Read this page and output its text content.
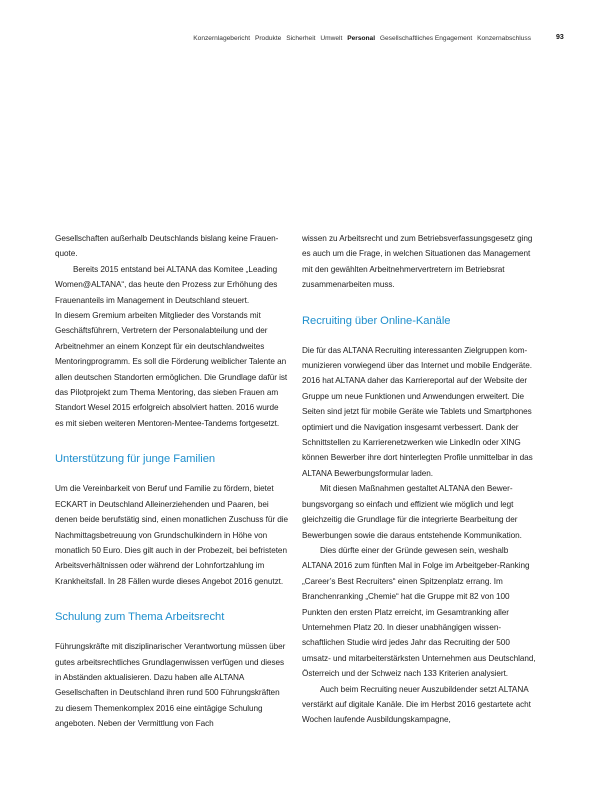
Konzernlagebericht Produkte Sicherheit Umwelt Personal Gesellschaftliches Engagement Konzernabschluss	93

Gesellschaften außerhalb Deutschlands bislang keine Frauenquote.

Bereits 2015 entstand bei ALTANA das Komitee „Leading Women@ALTANA“, das heute den Prozess zur Erhöhung des Frauenanteils im Management in Deutschland steuert.

In diesem Gremium arbeiten Mitglieder des Vorstands mit Geschäftsführern, Vertretern der Personalabteilung und der Arbeitnehmer an einem Konzept für ein deutschlandweites Mentoringprogramm. Es soll die Förderung weiblicher Talente an allen deutschen Standorten ermöglichen. Die Grundlage dafür ist das Pilotprojekt zum Thema Mentoring, das sieben Frauen am Standort Wesel 2015 erfolgreich absolviert hatten. 2016 wurde es mit sieben weiteren Mentoren-Mentee-Tandems fortgesetzt.

Unterstützung für junge Familien

Um die Vereinbarkeit von Beruf und Familie zu fördern, bietet ECKART in Deutschland Alleinerziehenden und Paaren, bei denen beide berufstätig sind, einen monatlichen Zuschuss für die Nachmittagsbetreuung von Grundschulkindern in Höhe von monatlich 50 Euro. Dies gilt auch in der Probezeit, bei befristeten Arbeitsverhältnissen oder während der Lohnfortzahlung im Krankheitsfall. In 28 Fällen wurde dieses Angebot 2016 genutzt.

Schulung zum Thema Arbeitsrecht

Führungskräfte mit disziplinarischer Verantwortung müssen über gutes arbeitsrechtliches Grundlagenwissen verfügen und dieses in Abständen aktualisieren. Dazu haben alle ALTANA Gesellschaften in Deutschland ihren rund 500 Führungskräften zu diesem Themenkomplex 2016 eine eintägige Schulung angeboten. Neben der Vermittlung von Fach

wissen zu Arbeitsrecht und zum Betriebsverfassungsgesetz ging es auch um die Frage, in welchen Situationen das Management mit den gewählten Arbeitnehmervertretern im Betriebsrat zusammenarbeiten muss.

Recruiting über Online-Kanäle

Die für das ALTANA Recruiting interessanten Zielgruppen kommunizieren vorwiegend über das Internet und mobile Endgeräte. 2016 hat ALTANA daher das Karriereportal auf der Website der Gruppe um neue Funktionen und Anwendungen erweitert. Die Seiten sind jetzt für mobile Geräte wie Tablets und Smartphones optimiert und die Navigation insgesamt verbessert. Dank der Schnittstellen zu Karrierenetzwerken wie LinkedIn oder XING können Bewerber ihre dort hinterlegten Profile unmittelbar in das ALTANA Bewerbungsformular laden.

Mit diesen Maßnahmen gestaltet ALTANA den Bewerbungsvorgang so einfach und effizient wie möglich und legt gleichzeitig die Grundlage für die integrierte Bearbeitung der Bewerbungen sowie die daraus entstehende Kommunikation.

Dies dürfte einer der Gründe gewesen sein, weshalb ALTANA 2016 zum fünften Mal in Folge im Arbeitgeber-Ranking „Career’s Best Recruiters“ einen Spitzenplatz errang. Im Branchenranking „Chemie“ hat die Gruppe mit 82 von 100 Punkten den ersten Platz erreicht, im Gesamtranking aller Unternehmen Platz 20. In dieser unabhängigen wissenschaftlichen Studie wird jedes Jahr das Recruiting der 500 umsatz- und mitarbeiterstärksten Unternehmen aus Deutschland, Österreich und der Schweiz nach 133 Kriterien analysiert.

Auch beim Recruiting neuer Auszubildender setzt ALTANA verstärkt auf digitale Kanäle. Die im Herbst 2016 gestartete acht Wochen laufende Ausbildungskampagne,
